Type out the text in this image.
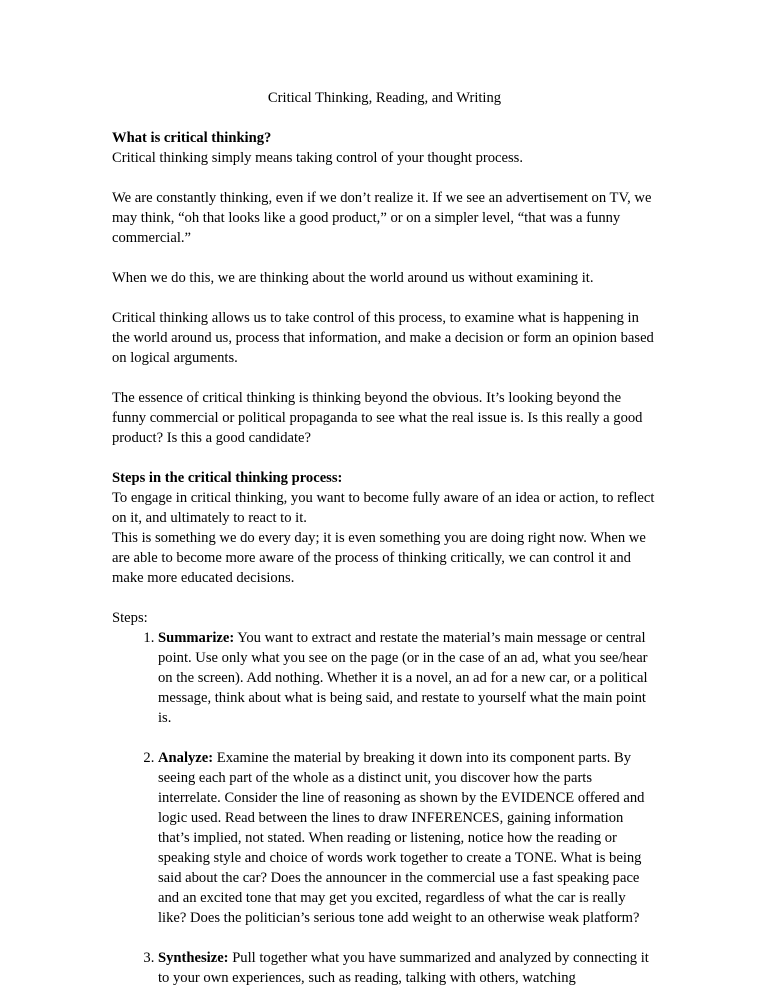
Critical Thinking, Reading, and Writing

What is critical thinking?

Critical thinking simply means taking control of your thought process.

We are constantly thinking, even if we don’t realize it. If we see an advertisement on TV, we may think, “oh that looks like a good product,” or on a simpler level, “that was a funny commercial.”

When we do this, we are thinking about the world around us without examining it.

Critical thinking allows us to take control of this process, to examine what is happening in the world around us, process that information, and make a decision or form an opinion based on logical arguments.

The essence of critical thinking is thinking beyond the obvious. It’s looking beyond the funny commercial or political propaganda to see what the real issue is. Is this really a good product? Is this a good candidate?

Steps in the critical thinking process:

To engage in critical thinking, you want to become fully aware of an idea or action, to reflect on it, and ultimately to react to it.

This is something we do every day; it is even something you are doing right now. When we are able to become more aware of the process of thinking critically, we can control it and make more educated decisions.

Steps:

1. Summarize: You want to extract and restate the material’s main message or central point. Use only what you see on the page (or in the case of an ad, what you see/hear on the screen). Add nothing. Whether it is a novel, an ad for a new car, or a political message, think about what is being said, and restate to yourself what the main point is.
2. Analyze: Examine the material by breaking it down into its component parts. By seeing each part of the whole as a distinct unit, you discover how the parts interrelate. Consider the line of reasoning as shown by the EVIDENCE offered and logic used. Read between the lines to draw INFERENCES, gaining information that’s implied, not stated. When reading or listening, notice how the reading or speaking style and choice of words work together to create a TONE. What is being said about the car? Does the announcer in the commercial use a fast speaking pace and an excited tone that may get you excited, regardless of what the car is really like? Does the politician’s serious tone add weight to an otherwise weak platform?
3. Synthesize: Pull together what you have summarized and analyzed by connecting it to your own experiences, such as reading, talking with others, watching
